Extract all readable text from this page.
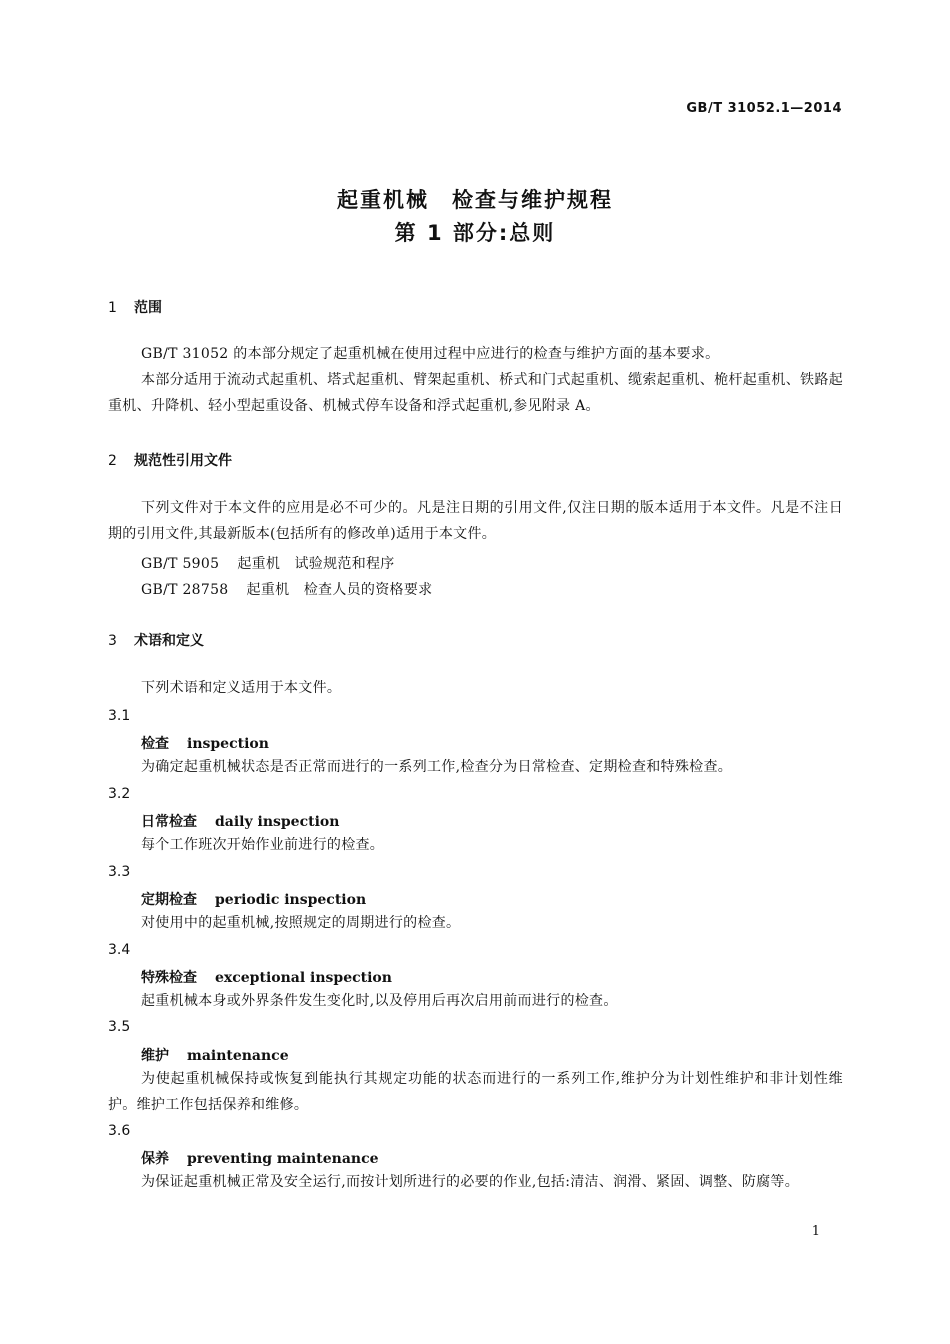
GB/T 31052.1—2014
起重机械　检查与维护规程
第 1 部分:总则
1 范围
GB/T 31052 的本部分规定了起重机械在使用过程中应进行的检查与维护方面的基本要求。
本部分适用于流动式起重机、塔式起重机、臂架起重机、桥式和门式起重机、缆索起重机、桅杆起重机、铁路起重机、升降机、轻小型起重设备、机械式停车设备和浮式起重机,参见附录 A。
2 规范性引用文件
下列文件对于本文件的应用是必不可少的。凡是注日期的引用文件,仅注日期的版本适用于本文件。凡是不注日期的引用文件,其最新版本(包括所有的修改单)适用于本文件。
GB/T 5905 起重机　试验规范和程序
GB/T 28758 起重机　检查人员的资格要求
3 术语和定义
下列术语和定义适用于本文件。
3.1
检查 inspection
为确定起重机械状态是否正常而进行的一系列工作,检查分为日常检查、定期检查和特殊检查。
3.2
日常检查 daily inspection
每个工作班次开始作业前进行的检查。
3.3
定期检查 periodic inspection
对使用中的起重机械,按照规定的周期进行的检查。
3.4
特殊检查 exceptional inspection
起重机械本身或外界条件发生变化时,以及停用后再次启用前而进行的检查。
3.5
维护 maintenance
为使起重机械保持或恢复到能执行其规定功能的状态而进行的一系列工作,维护分为计划性维护和非计划性维护。维护工作包括保养和维修。
3.6
保养 preventing maintenance
为保证起重机械正常及安全运行,而按计划所进行的必要的作业,包括:清洁、润滑、紧固、调整、防腐等。
1
